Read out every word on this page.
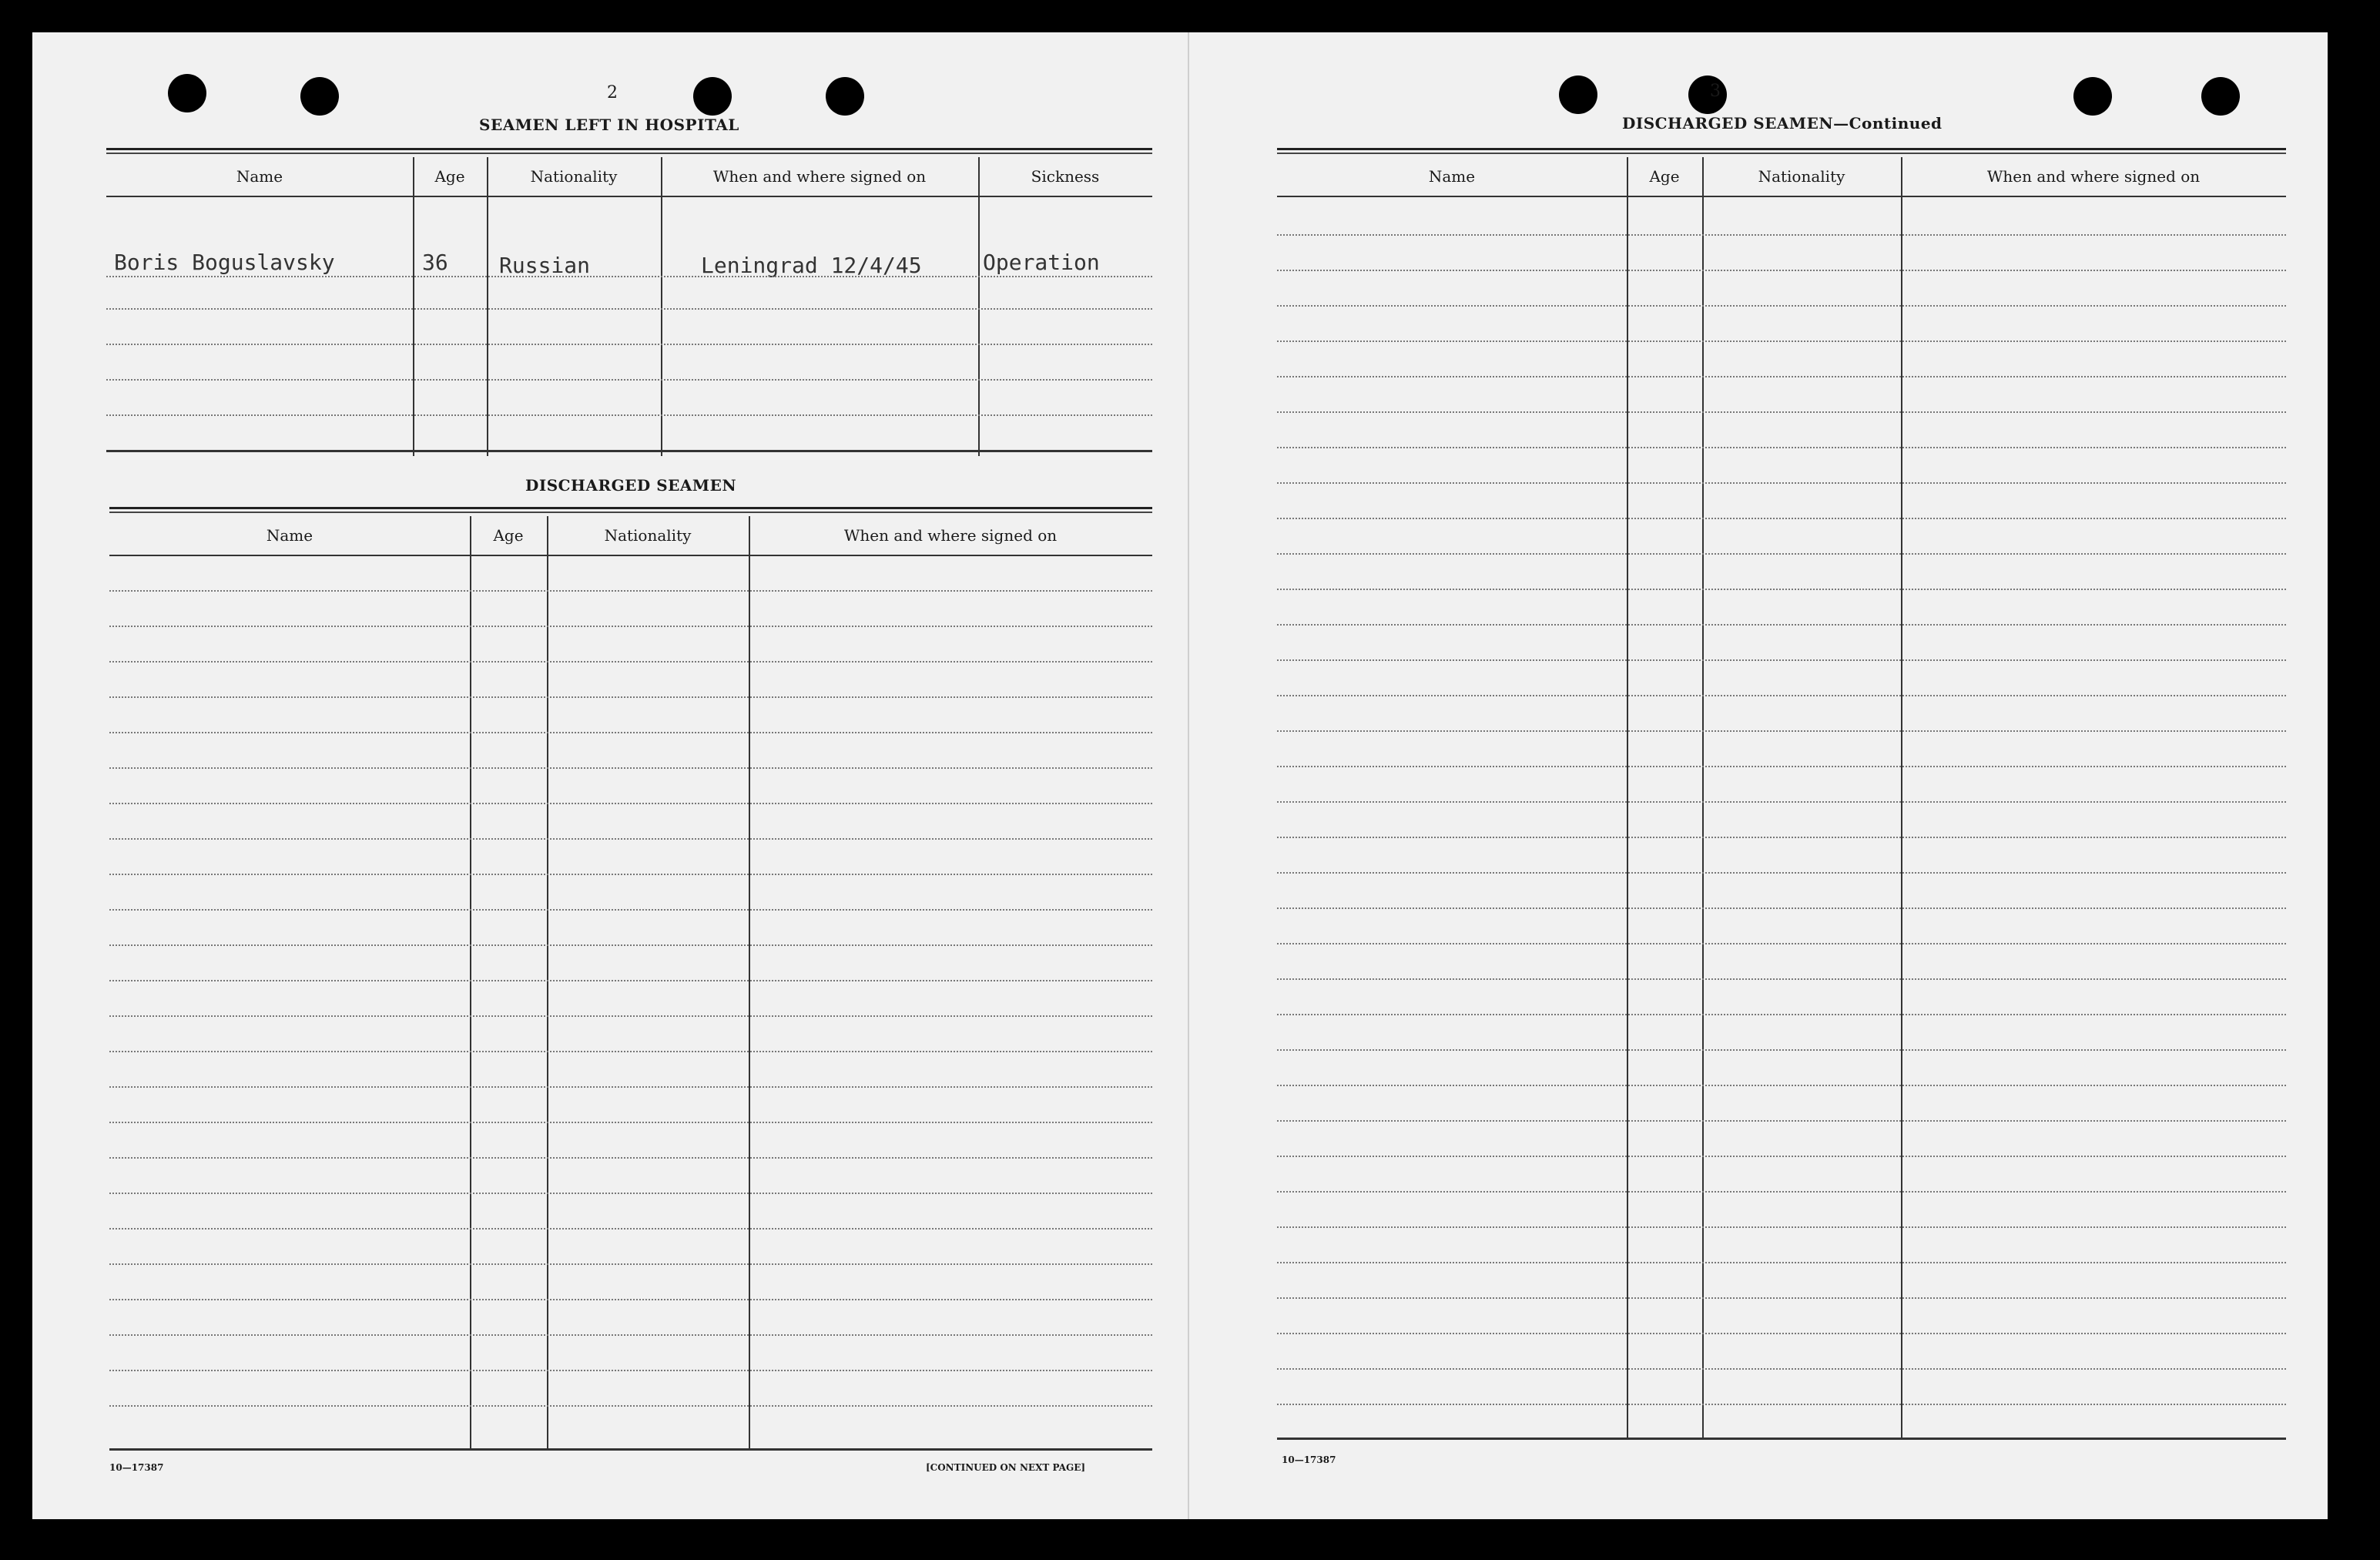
2
SEAMEN LEFT IN HOSPITAL
Name	Age	Nationality	When and where signed on	Sickness
Boris Boguslavsky	36 Russian	Leningrad 12/4/45	Operation
DISCHARGED SEAMEN
Name	Age	Nationality	When and where signed on
10—17387	[CONTINUED ON NEXT PAGE]
3
DISCHARGED SEAMEN—Continued
Name	Age	Nationality	When and where signed on
10—17387
